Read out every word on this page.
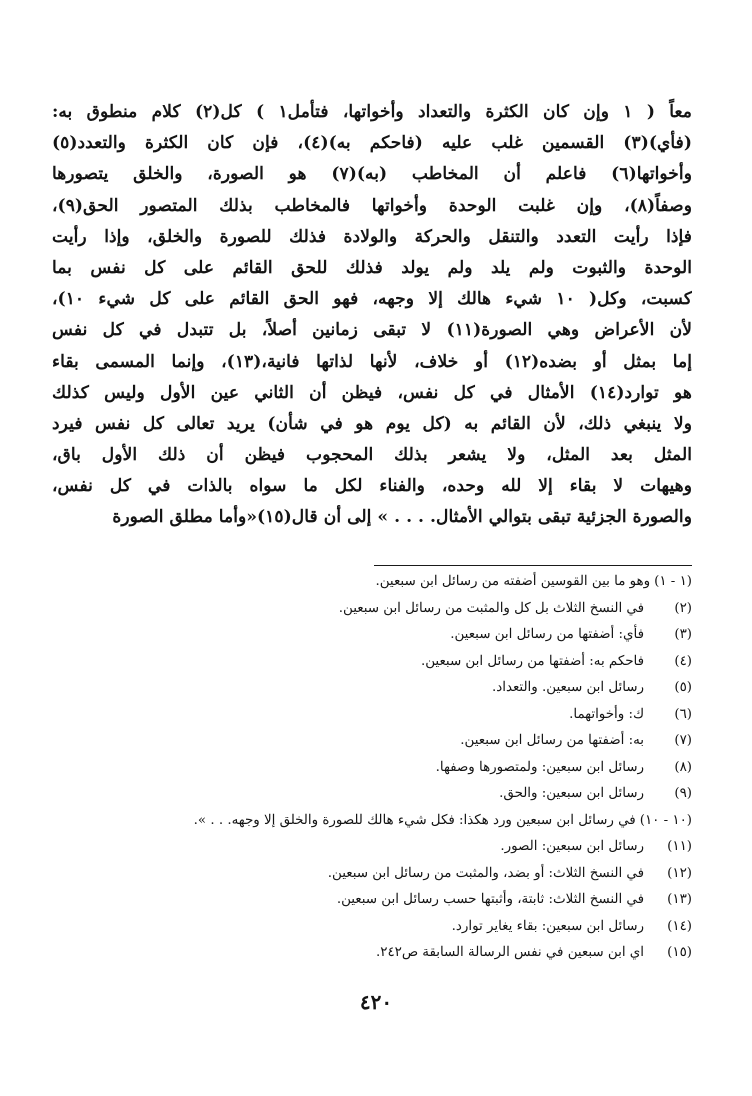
معاً ( ١ وإن كان الكثرة والتعداد وأخواتها، فتأمل١ ) كل(٢) كلام منطوق به:
(فأي)(٣) القسمين غلب عليه (فاحكم به)(٤)، فإن كان الكثرة والتعدد(٥)
وأخواتها(٦) فاعلم أن المخاطب (به)(٧) هو الصورة، والخلق يتصورها
وصفاً(٨)، وإن غلبت الوحدة وأخواتها فالمخاطب بذلك المتصور الحق(٩)،
فإذا رأيت التعدد والتنقل والحركة والولادة فذلك للصورة والخلق، وإذا رأيت
الوحدة والثبوت ولم يلد ولم يولد فذلك للحق القائم على كل نفس بما
كسبت، وكل( ١٠ شيء هالك إلا وجهه، فهو الحق القائم على كل شيء ١٠)،
لأن الأعراض وهي الصورة(١١) لا تبقى زمانين أصلاً، بل تتبدل في كل نفس
إما بمثل أو بضده(١٢) أو خلاف، لأنها لذاتها فانية،(١٣)، وإنما المسمى بقاء
هو توارد(١٤) الأمثال في كل نفس، فيظن أن الثاني عين الأول وليس كذلك
ولا ينبغي ذلك، لأن القائم به (كل يوم هو في شأن) يريد تعالى كل نفس فيرد
المثل بعد المثل، ولا يشعر بذلك المحجوب فيظن أن ذلك الأول باق،
وهيهات لا بقاء إلا لله وحده، والفناء لكل ما سواه بالذات في كل نفس،
والصورة الجزئية تبقى بتوالي الأمثال. . . . » إلى أن قال(١٥)«وأما مطلق الصورة
(١ - ١)
وهو ما بين القوسين أضفته من رسائل ابن سبعين.
(٢)
في النسخ الثلاث بل كل والمثبت من رسائل ابن سبعين.
(٣)
فأي: أضفتها من رسائل ابن سبعين.
(٤)
فاحكم به: أضفتها من رسائل ابن سبعين.
(٥)
رسائل ابن سبعين. والتعداد.
(٦)
ك: وأخواتهما.
(٧)
به: أضفتها من رسائل ابن سبعين.
(٨)
رسائل ابن سبعين: ولمتصورها وصفها.
(٩)
رسائل ابن سبعين: والحق.
(١٠ - ١٠)
في رسائل ابن سبعين ورد هكذا: فكل شيء هالك للصورة والخلق إلا وجهه. . . ».
(١١)
رسائل ابن سبعين: الصور.
(١٢)
في النسخ الثلاث: أو بضد، والمثبت من رسائل ابن سبعين.
(١٣)
في النسخ الثلاث: ثابتة، وأثبتها حسب رسائل ابن سبعين.
(١٤)
رسائل ابن سبعين: بقاء يغاير توارد.
(١٥)
اي ابن سبعين في نفس الرسالة السابقة ص٢٤٢.
٤٢٠
